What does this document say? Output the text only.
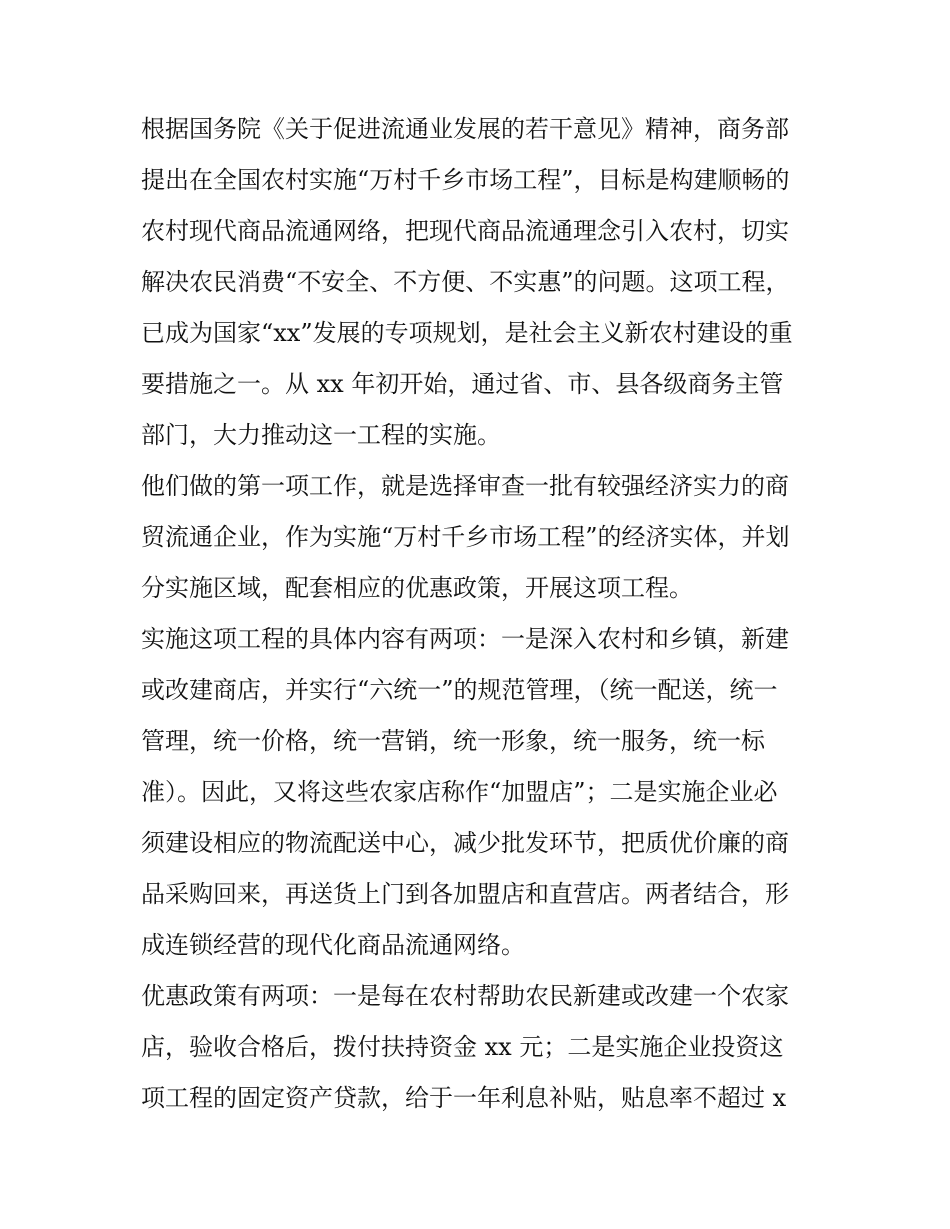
根据国务院《关于促进流通业发展的若干意见》精神，商务部
提出在全国农村实施“万村千乡市场工程”，目标是构建顺畅的
农村现代商品流通网络，把现代商品流通理念引入农村，切实
解决农民消费“不安全、不方便、不实惠”的问题。这项工程，
已成为国家“xx”发展的专项规划，是社会主义新农村建设的重
要措施之一。从 xx 年初开始，通过省、市、县各级商务主管
部门，大力推动这一工程的实施。
他们做的第一项工作，就是选择审查一批有较强经济实力的商
贸流通企业，作为实施“万村千乡市场工程”的经济实体，并划
分实施区域，配套相应的优惠政策，开展这项工程。
实施这项工程的具体内容有两项：一是深入农村和乡镇，新建
或改建商店，并实行“六统一”的规范管理，（统一配送，统一
管理，统一价格，统一营销，统一形象，统一服务，统一标
准）。因此，又将这些农家店称作“加盟店”；二是实施企业必
须建设相应的物流配送中心，减少批发环节，把质优价廉的商
品采购回来，再送货上门到各加盟店和直营店。两者结合，形
成连锁经营的现代化商品流通网络。
优惠政策有两项：一是每在农村帮助农民新建或改建一个农家
店，验收合格后，拨付扶持资金 xx 元；二是实施企业投资这
项工程的固定资产贷款，给于一年利息补贴，贴息率不超过 x
